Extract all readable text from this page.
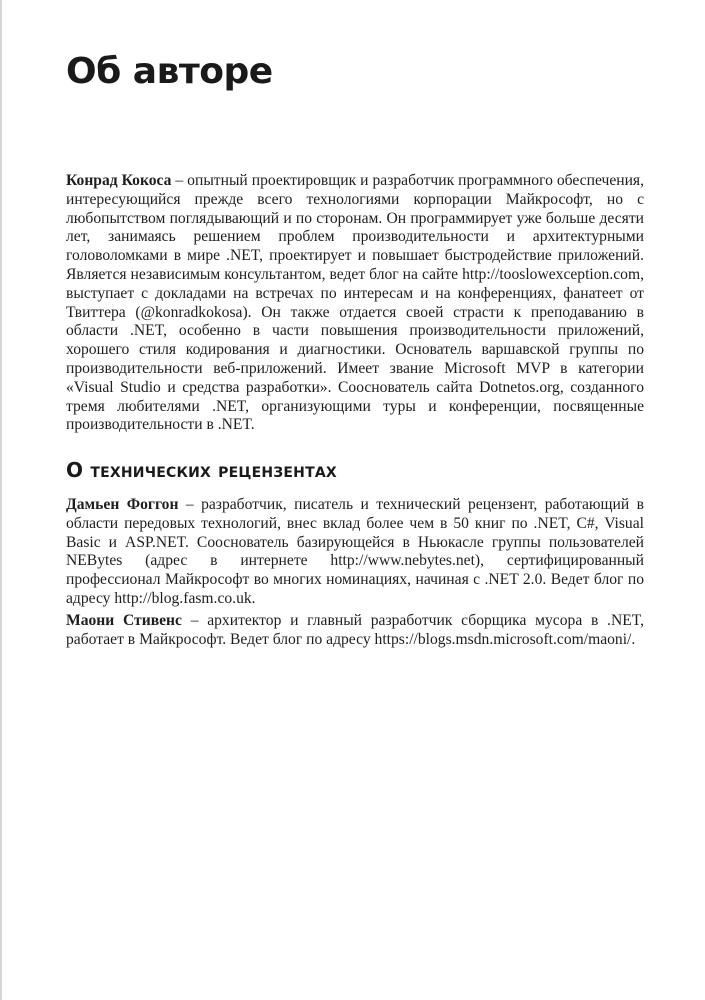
Об авторе

Конрад Кокоса – опытный проектировщик и разработчик программного обеспечения, интересующийся прежде всего технологиями корпорации Майкрософт, но с любопытством поглядывающий и по сторонам. Он программирует уже больше десяти лет, занимаясь решением проблем производительности и архитектурными головоломками в мире .NET, проектирует и повышает быстродействие приложений. Является независимым консультантом, ведет блог на сайте http://tooslowexception.com, выступает с докладами на встречах по интересам и на конференциях, фанатеет от Твиттера (@konradkokosa). Он также отдается своей страсти к преподаванию в области .NET, особенно в части повышения производительности приложений, хорошего стиля кодирования и диагностики. Основатель варшавской группы по производительности веб-приложений. Имеет звание Microsoft MVP в категории «Visual Studio и средства разработки». Сооснователь сайта Dotnetos.org, созданного тремя любителями .NET, организующими туры и конференции, посвященные производительности в .NET.

О технических рецензентах

Дамьен Фоггон – разработчик, писатель и технический рецензент, работающий в области передовых технологий, внес вклад более чем в 50 книг по .NET, C#, Visual Basic и ASP.NET. Сооснователь базирующейся в Ньюкасле группы пользователей NEBytes (адрес в интернете http://www.nebytes.net), сертифицированный профессионал Майкрософт во многих номинациях, начиная с .NET 2.0. Ведет блог по адресу http://blog.fasm.co.uk.

Маони Стивенс – архитектор и главный разработчик сборщика мусора в .NET, работает в Майкрософт. Ведет блог по адресу https://blogs.msdn.microsoft.com/maoni/.
